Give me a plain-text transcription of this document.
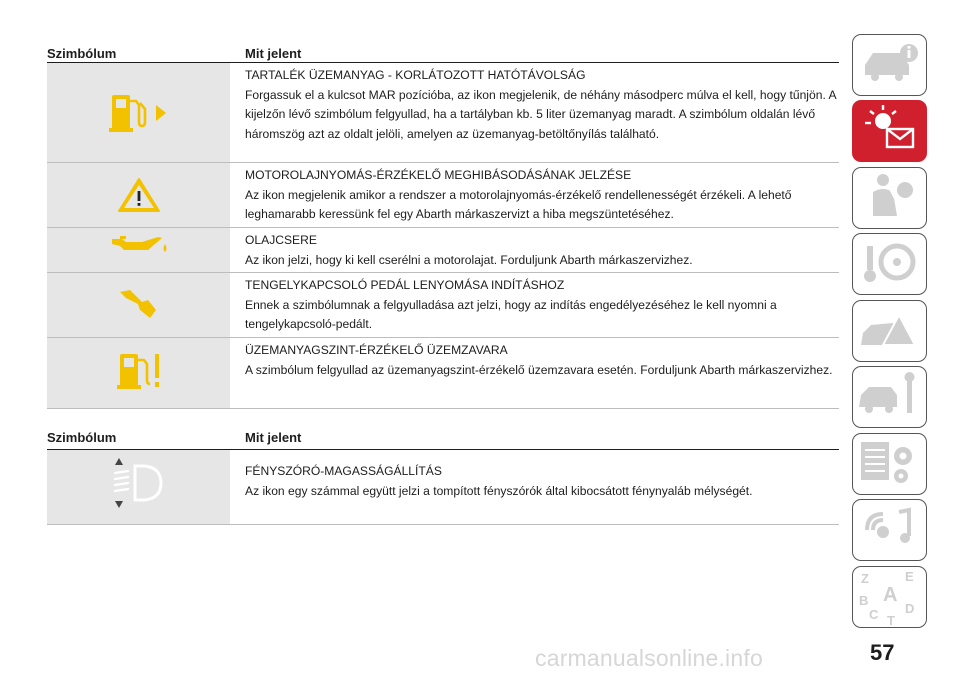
Szimbólum	Mit jelent
TARTALÉK ÜZEMANYAG - KORLÁTOZOTT HATÓTÁVOLSÁG
Forgassuk el a kulcsot MAR pozícióba, az ikon megjelenik, de néhány másodperc múlva el kell, hogy tűnjön. A kijelzőn lévő szimbólum felgyullad, ha a tartályban kb. 5 liter üzemanyag maradt. A szimbólum oldalán lévő háromszög azt az oldalt jelöli, amelyen az üzemanyag-betöltőnyílás található.
MOTOROLAJNYOMÁS-ÉRZÉKELŐ MEGHIBÁSODÁSÁNAK JELZÉSE
Az ikon megjelenik amikor a rendszer a motorolajnyomás-érzékelő rendellenességét érzékeli. A lehető leghamarabb keressünk fel egy Abarth márkaszervizt a hiba megszüntetéséhez.
OLAJCSERE
Az ikon jelzi, hogy ki kell cserélni a motorolajat. Forduljunk Abarth márkaszervizhez.
TENGELYKAPCSOLÓ PEDÁL LENYOMÁSA INDÍTÁSHOZ
Ennek a szimbólumnak a felgyulladása azt jelzi, hogy az indítás engedélyezéséhez le kell nyomni a tengelykapcsoló-pedált.
ÜZEMANYAGSZINT-ÉRZÉKELŐ ÜZEMZAVARA
A szimbólum felgyullad az üzemanyagszint-érzékelő üzemzavara esetén. Forduljunk Abarth márkaszervizhez.
Szimbólum	Mit jelent
FÉNYSZÓRÓ-MAGASSÁGÁLLÍTÁS
Az ikon egy számmal együtt jelzi a tompított fényszórók által kibocsátott fénynyaláb mélységét.
Z	E
A
B
C D
T
57
carmanualsonline.info
